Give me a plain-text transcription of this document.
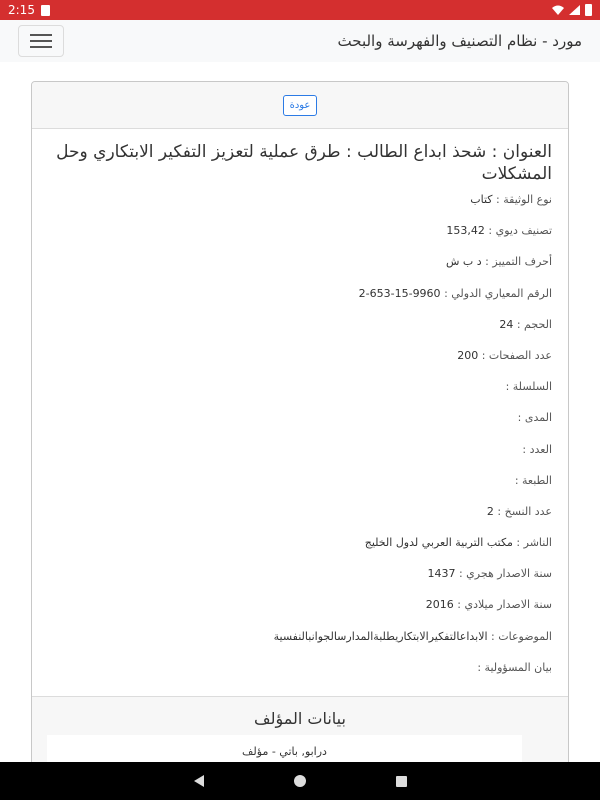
2:15
مورد - نظام التصنيف والفهرسة والبحث
عودة
العنوان : شحذ ابداع الطالب : طرق عملية لتعزيز التفكير الابتكاري وحل المشكلات
نوع الوثيقة : كتاب
تصنيف ديوي : 153,42
أحرف التمييز : د ب ش
الرقم المعياري الدولي : 9960-15-653-2
الحجم : 24
عدد الصفحات : 200
السلسلة :
المدى :
العدد :
الطبعة :
عدد النسخ : 2
الناشر : مكتب التربية العربي لدول الخليج
سنة الاصدار هجري : 1437
سنة الاصدار ميلادي : 2016
الموضوعات : الابداعالتفكيرالابتكاريطلبةالمدارسالجوانبالنفسية
بيان المسؤولية :
بيانات المؤلف
درابو, باتي - مؤلف
